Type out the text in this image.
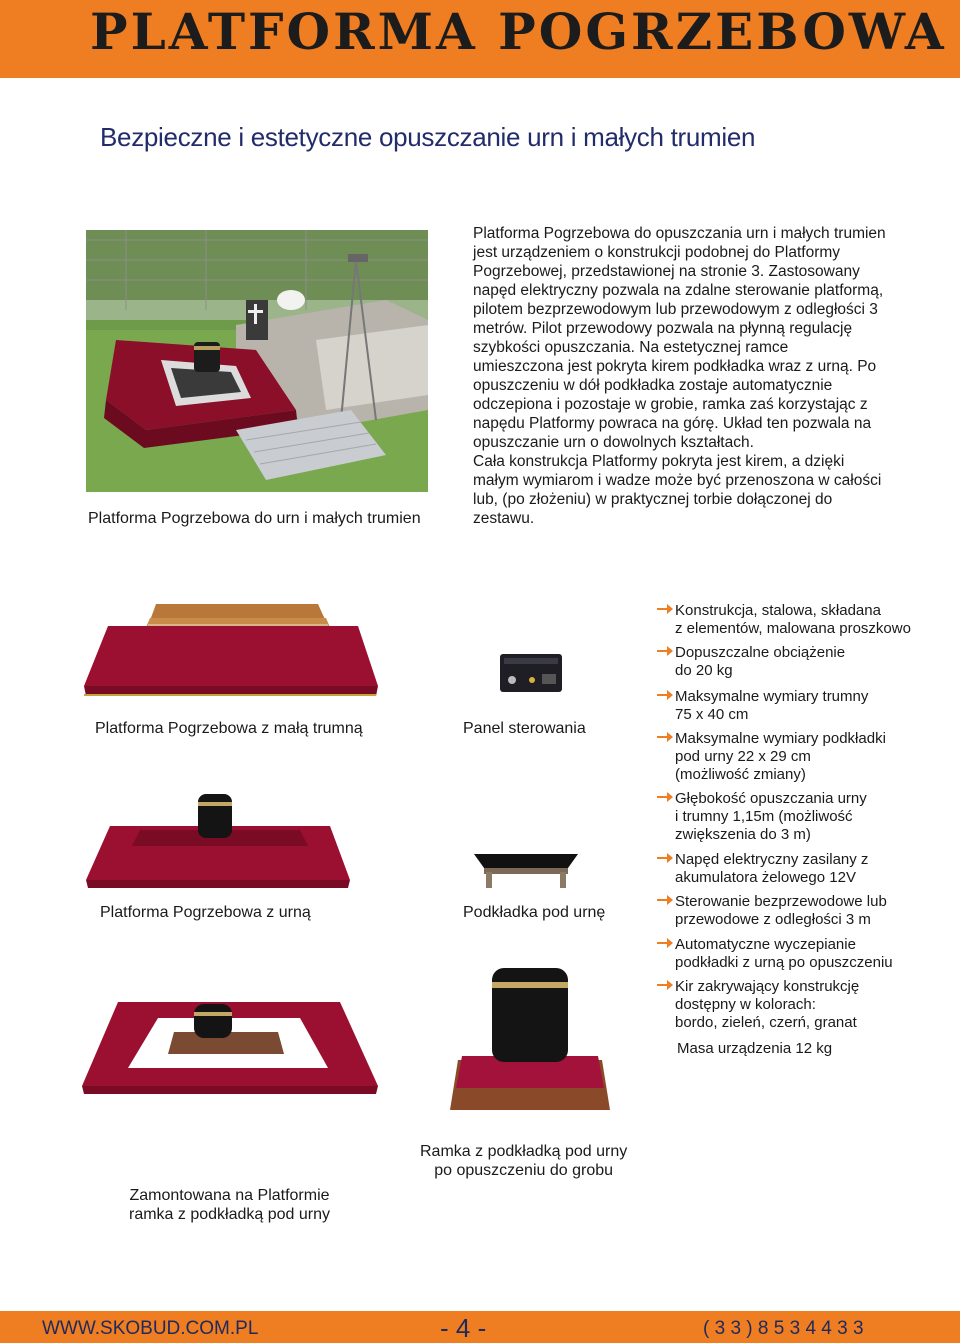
PLATFORMA POGRZEBOWA
Bezpieczne i estetyczne opuszczanie urn i małych trumien
Platforma Pogrzebowa do urn i małych trumien
Platforma Pogrzebowa do opuszczania urn i małych trumien
jest urządzeniem o konstrukcji podobnej do Platformy
Pogrzebowej, przedstawionej na stronie 3. Zastosowany
napęd elektryczny pozwala na zdalne sterowanie platformą,
pilotem bezprzewodowym lub przewodowym z odległości 3
metrów. Pilot przewodowy pozwala na płynną regulację
szybkości opuszczania. Na estetycznej ramce
umieszczona jest pokryta kirem podkładka wraz z urną. Po
opuszczeniu w dół podkładka zostaje automatycznie
odczepiona i pozostaje w grobie, ramka zaś korzystając z
napędu Platformy powraca na górę. Układ ten pozwala na
opuszczanie urn o dowolnych kształtach.
Cała konstrukcja Platformy pokryta jest kirem, a dzięki
małym wymiarom i wadze może być przenoszona w całości
lub, (po złożeniu) w praktycznej torbie dołączonej do
zestawu.
Platforma Pogrzebowa z małą trumną	Panel sterowania
Platforma Pogrzebowa z urną	Podkładka pod urnę
Zamontowana na Platformie
ramka z podkładką pod urny
Ramka z podkładką pod urny
po opuszczeniu do grobu
Konstrukcja, stalowa, składana
z elementów, malowana proszkowo
Dopuszczalne obciążenie
do 20 kg
Maksymalne wymiary trumny
75 x 40 cm
Maksymalne wymiary podkładki
pod urny 22 x 29 cm
(możliwość zmiany)
Głębokość opuszczania urny
i trumny 1,15m (możliwość
zwiększenia do 3 m)
Napęd elektryczny zasilany z
akumulatora żelowego 12V
Sterowanie bezprzewodowe lub
przewodowe z odległości 3 m
Automatyczne wyczepianie
podkładki z urną po opuszczeniu
Kir zakrywający konstrukcję
dostępny w kolorach:
bordo, zieleń, czerń, granat
Masa urządzenia 12 kg
WWW.SKOBUD.COM.PL	- 4 -	( 3 3 ) 8 5 3 4 4 3 3
